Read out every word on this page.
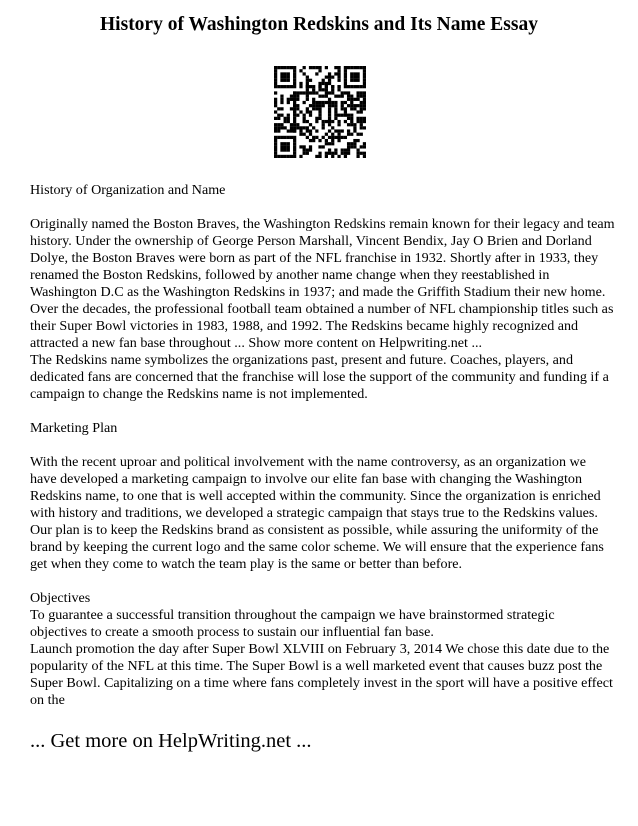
History of Washington Redskins and Its Name Essay

History of Organization and Name

Originally named the Boston Braves, the Washington Redskins remain known for their legacy and team history. Under the ownership of George Person Marshall, Vincent Bendix, Jay O Brien and Dorland Dolye, the Boston Braves were born as part of the NFL franchise in 1932. Shortly after in 1933, they renamed the Boston Redskins, followed by another name change when they reestablished in Washington D.C as the Washington Redskins in 1937; and made the Griffith Stadium their new home.

Over the decades, the professional football team obtained a number of NFL championship titles such as their Super Bowl victories in 1983, 1988, and 1992. The Redskins became highly recognized and attracted a new fan base throughout ... Show more content on Helpwriting.net ...

The Redskins name symbolizes the organizations past, present and future. Coaches, players, and dedicated fans are concerned that the franchise will lose the support of the community and funding if a campaign to change the Redskins name is not implemented.

Marketing Plan

With the recent uproar and political involvement with the name controversy, as an organization we have developed a marketing campaign to involve our elite fan base with changing the Washington Redskins name, to one that is well accepted within the community. Since the organization is enriched with history and traditions, we developed a strategic campaign that stays true to the Redskins values. Our plan is to keep the Redskins brand as consistent as possible, while assuring the uniformity of the brand by keeping the current logo and the same color scheme. We will ensure that the experience fans get when they come to watch the team play is the same or better than before.

Objectives

To guarantee a successful transition throughout the campaign we have brainstormed strategic objectives to create a smooth process to sustain our influential fan base.

Launch promotion the day after Super Bowl XLVIII on February 3, 2014 We chose this date due to the popularity of the NFL at this time. The Super Bowl is a well marketed event that causes buzz post the Super Bowl. Capitalizing on a time where fans completely invest in the sport will have a positive effect on the

... Get more on HelpWriting.net ...
